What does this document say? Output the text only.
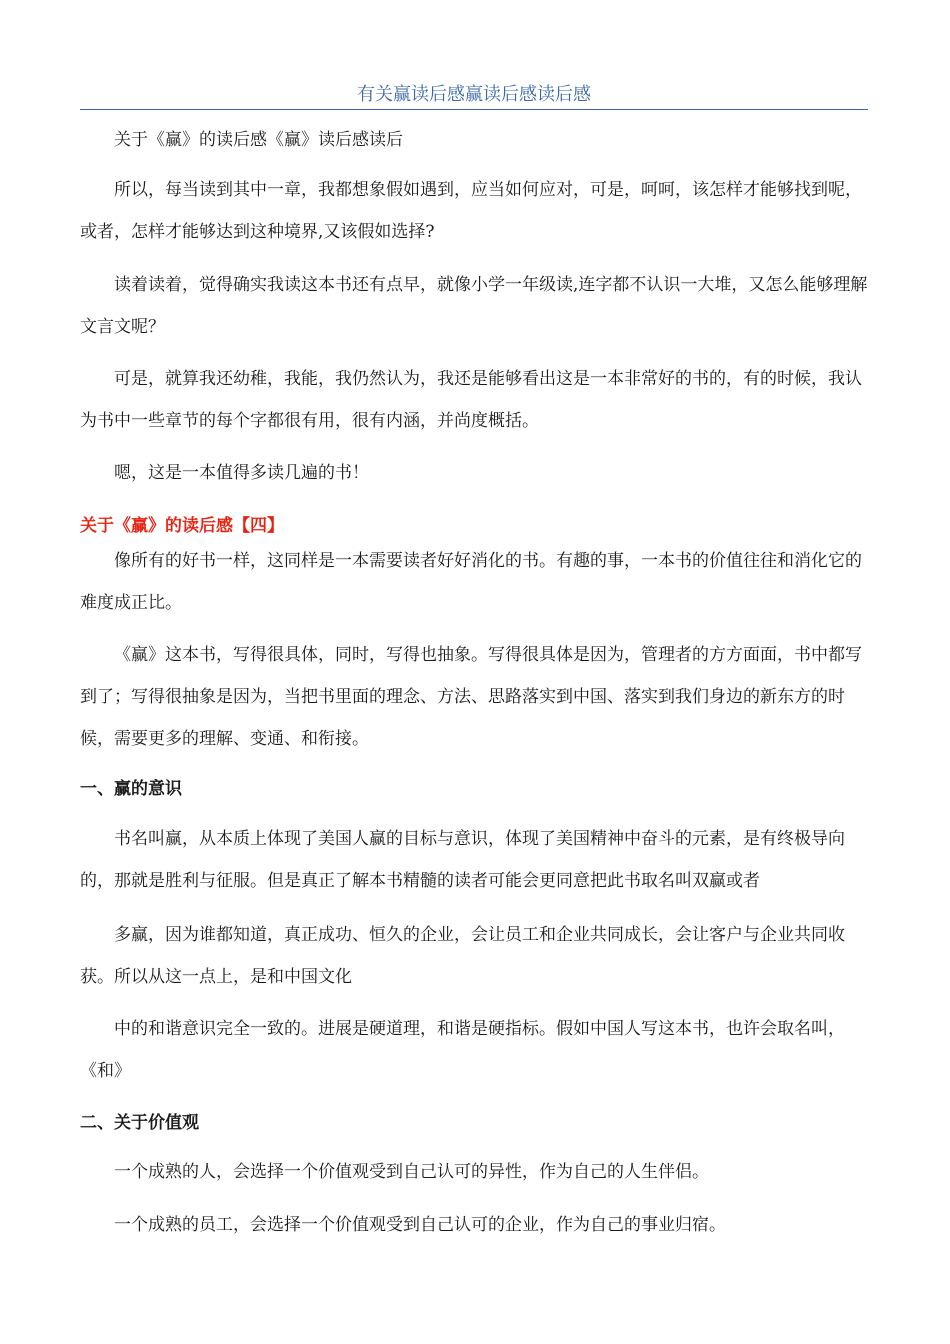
有关赢读后感赢读后感读后感

关于《赢》的读后感《赢》读后感读后

所以，每当读到其中一章，我都想象假如遇到，应当如何应对，可是，呵呵，该怎样才能够找到呢，或者，怎样才能够达到这种境界,又该假如选择?

读着读着，觉得确实我读这本书还有点早，就像小学一年级读,连字都不认识一大堆，又怎么能够理解文言文呢？

可是，就算我还幼稚，我能，我仍然认为，我还是能够看出这是一本非常好的书的，有的时候，我认为书中一些章节的每个字都很有用，很有内涵，并尚度概括。

嗯，这是一本值得多读几遍的书！

关于《赢》的读后感【四】

像所有的好书一样，这同样是一本需要读者好好消化的书。有趣的事，一本书的价值往往和消化它的难度成正比。

《赢》这本书，写得很具体，同时，写得也抽象。写得很具体是因为，管理者的方方面面，书中都写到了；写得很抽象是因为，当把书里面的理念、方法、思路落实到中国、落实到我们身边的新东方的时候，需要更多的理解、变通、和衔接。

一、赢的意识

书名叫赢，从本质上体现了美国人赢的目标与意识，体现了美国精神中奋斗的元素，是有终极导向的，那就是胜利与征服。但是真正了解本书精髓的读者可能会更同意把此书取名叫双赢或者

多赢，因为谁都知道，真正成功、恒久的企业，会让员工和企业共同成长，会让客户与企业共同收获。所以从这一点上，是和中国文化

中的和谐意识完全一致的。进展是硬道理，和谐是硬指标。假如中国人写这本书，也许会取名叫，《和》

二、关于价值观

一个成熟的人，会选择一个价值观受到自己认可的异性，作为自己的人生伴侣。

一个成熟的员工，会选择一个价值观受到自己认可的企业，作为自己的事业归宿。
